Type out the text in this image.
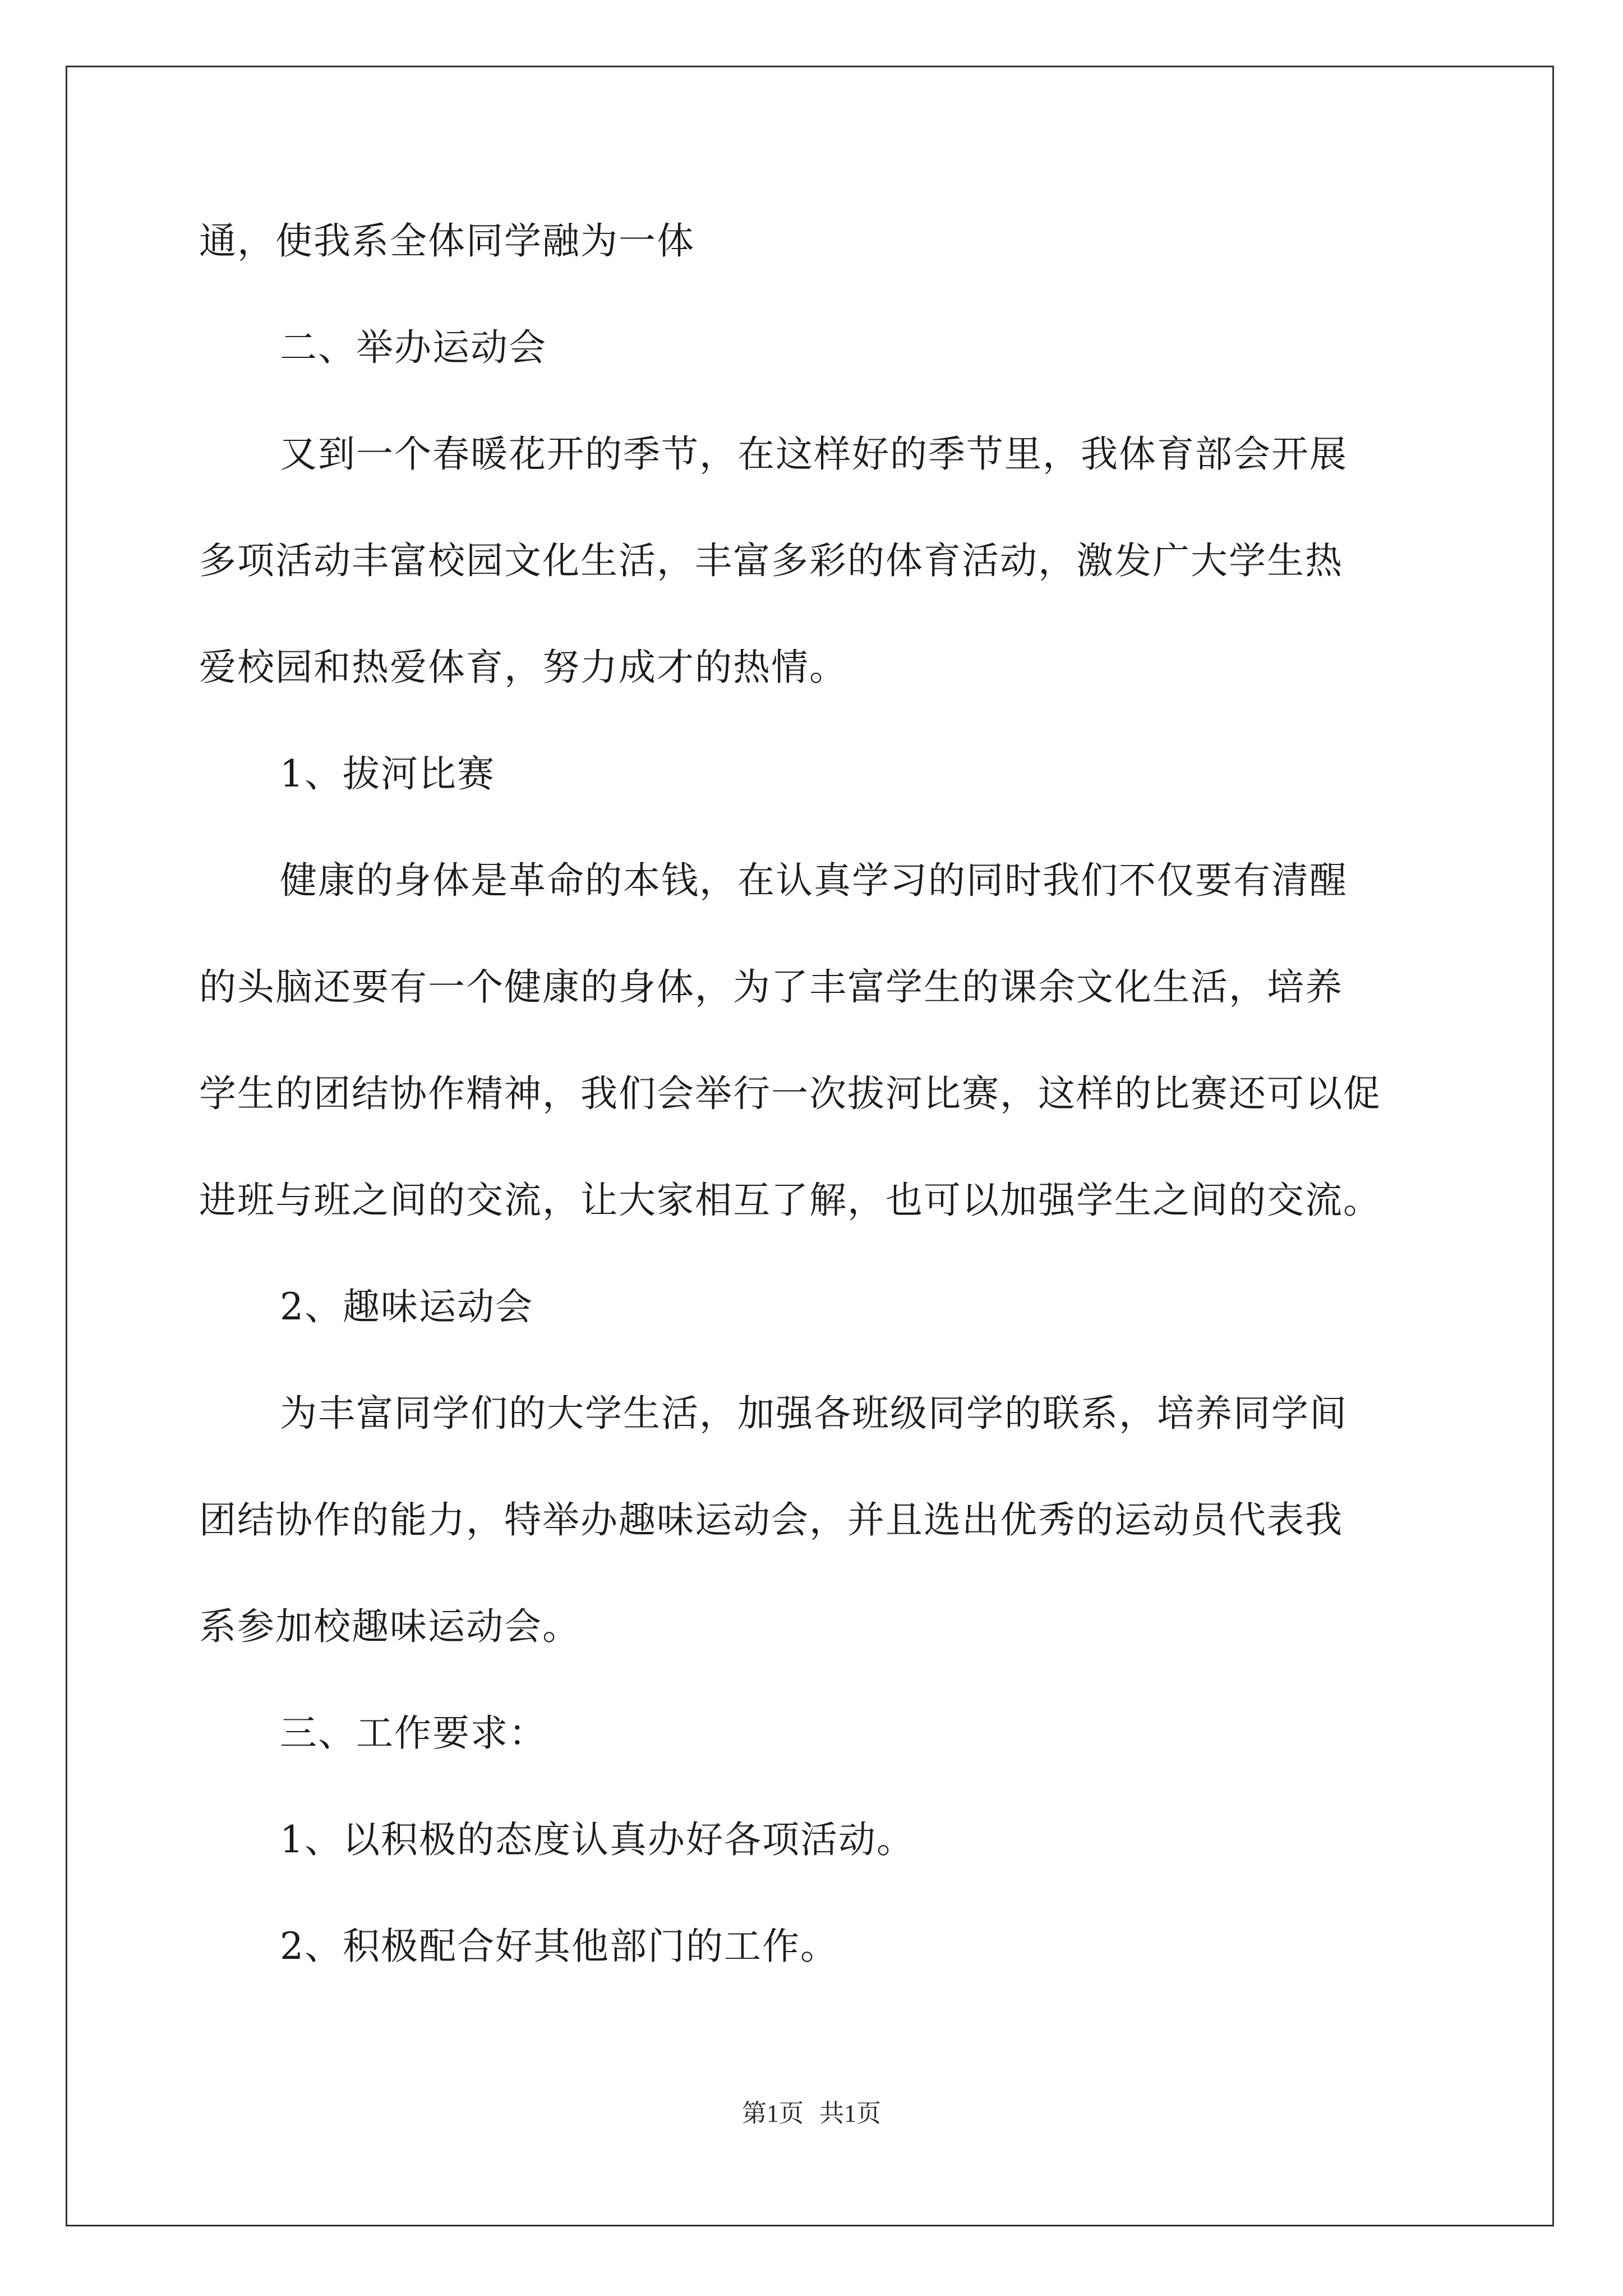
通，使我系全体同学融为一体
二、举办运动会
又到一个春暖花开的季节，在这样好的季节里，我体育部会开展
多项活动丰富校园文化生活，丰富多彩的体育活动，激发广大学生热
爱校园和热爱体育，努力成才的热情。
1、拔河比赛
健康的身体是革命的本钱，在认真学习的同时我们不仅要有清醒
的头脑还要有一个健康的身体，为了丰富学生的课余文化生活，培养
学生的团结协作精神，我们会举行一次拔河比赛，这样的比赛还可以促
进班与班之间的交流，让大家相互了解，也可以加强学生之间的交流。
2、趣味运动会
为丰富同学们的大学生活，加强各班级同学的联系，培养同学间
团结协作的能力，特举办趣味运动会，并且选出优秀的运动员代表我
系参加校趣味运动会。
三、工作要求：
1、以积极的态度认真办好各项活动。
2、积极配合好其他部门的工作。
第1页 共1页
